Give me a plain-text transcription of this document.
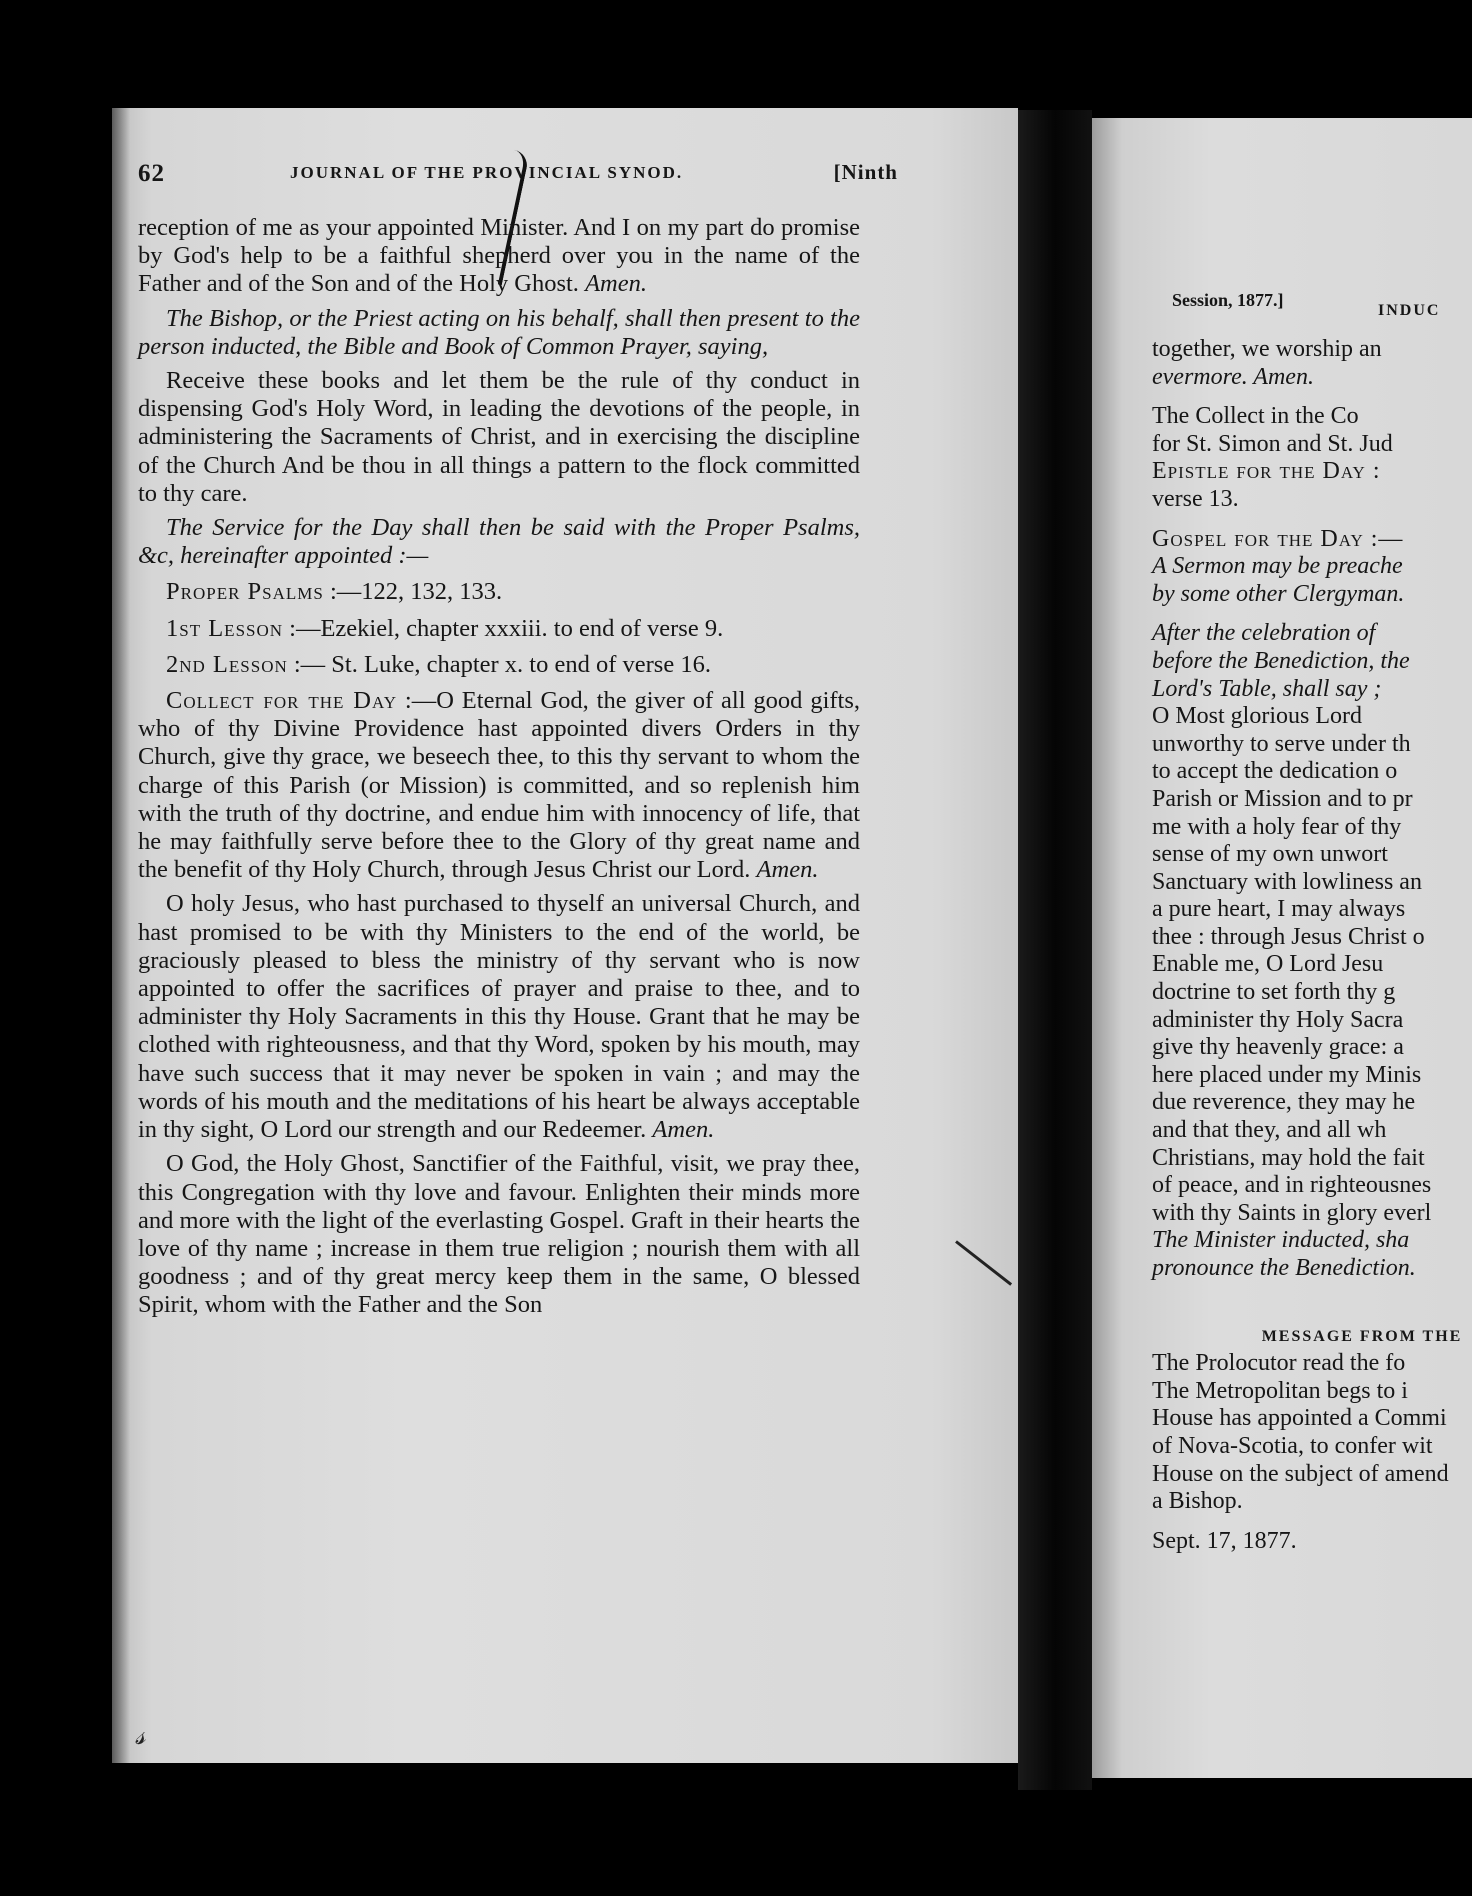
Session, 1877.]
INDUC
together, we worship an
evermore. Amen.
The Collect in the Co
for St. Simon and St. Jud
Epistle for the Day :
verse 13.
Gospel for the Day :—
A Sermon may be preache
by some other Clergyman.
After the celebration of
before the Benediction, the
Lord's Table, shall say ;
O Most glorious Lord
unworthy to serve under th
to accept the dedication o
Parish or Mission and to pr
me with a holy fear of thy
sense of my own unwort
Sanctuary with lowliness an
a pure heart, I may always
thee : through Jesus Christ o
Enable me, O Lord Jesu
doctrine to set forth thy g
administer thy Holy Sacra
give thy heavenly grace: a
here placed under my Minis
due reverence, they may he
and that they, and all wh
Christians, may hold the fait
of peace, and in righteousnes
with thy Saints in glory everl
The Minister inducted, sha
pronounce the Benediction.
MESSAGE FROM THE
The Prolocutor read the fo
The Metropolitan begs to i
House has appointed a Commi
of Nova-Scotia, to confer wit
House on the subject of amend
a Bishop.
Sept. 17, 1877.
62	JOURNAL OF THE PROVINCIAL SYNOD.	[Ninth

reception of me as your appointed Minister. And I on my part do promise by God's help to be a faithful shepherd over you in the name of the Father and of the Son and of the Holy Ghost. Amen.

The Bishop, or the Priest acting on his behalf, shall then present to the person inducted, the Bible and Book of Common Prayer, saying,

Receive these books and let them be the rule of thy conduct in dispensing God's Holy Word, in leading the devotions of the people, in administering the Sacraments of Christ, and in exercising the discipline of the Church And be thou in all things a pattern to the flock committed to thy care.

The Service for the Day shall then be said with the Proper Psalms, &c, hereinafter appointed :—

Proper Psalms :—122, 132, 133.

1st Lesson :—Ezekiel, chapter xxxiii. to end of verse 9.

2nd Lesson :— St. Luke, chapter x. to end of verse 16.

Collect for the Day :—O Eternal God, the giver of all good gifts, who of thy Divine Providence hast appointed divers Orders in thy Church, give thy grace, we beseech thee, to this thy servant to whom the charge of this Parish (or Mission) is committed, and so replenish him with the truth of thy doctrine, and endue him with innocency of life, that he may faithfully serve before thee to the Glory of thy great name and the benefit of thy Holy Church, through Jesus Christ our Lord. Amen.

O holy Jesus, who hast purchased to thyself an universal Church, and hast promised to be with thy Ministers to the end of the world, be graciously pleased to bless the ministry of thy servant who is now appointed to offer the sacrifices of prayer and praise to thee, and to administer thy Holy Sacraments in this thy House. Grant that he may be clothed with righteousness, and that thy Word, spoken by his mouth, may have such success that it may never be spoken in vain ; and may the words of his mouth and the meditations of his heart be always acceptable in thy sight, O Lord our strength and our Redeemer. Amen.

O God, the Holy Ghost, Sanctifier of the Faithful, visit, we pray thee, this Congregation with thy love and favour. Enlighten their minds more and more with the light of the everlasting Gospel. Graft in their hearts the love of thy name ; increase in them true religion ; nourish them with all goodness ; and of thy great mercy keep them in the same, O blessed Spirit, whom with the Father and the Son

𝓈
